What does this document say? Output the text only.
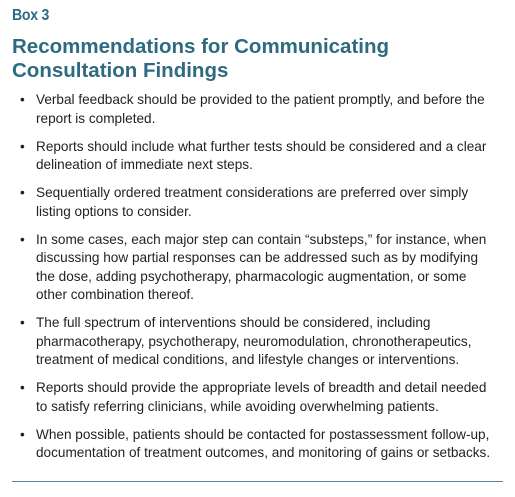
Box 3
Recommendations for Communicating Consultation Findings
• Verbal feedback should be provided to the patient promptly, and before the report is completed.
• Reports should include what further tests should be considered and a clear delineation of immediate next steps.
• Sequentially ordered treatment considerations are preferred over simply listing options to consider.
• In some cases, each major step can contain “substeps,” for instance, when discussing how partial responses can be addressed such as by modifying the dose, adding psychotherapy, pharmacologic augmentation, or some other combination thereof.
• The full spectrum of interventions should be considered, including pharmacotherapy, psychotherapy, neuromodulation, chronotherapeutics, treatment of medical conditions, and lifestyle changes or interventions.
• Reports should provide the appropriate levels of breadth and detail needed to satisfy referring clinicians, while avoiding overwhelming patients.
• When possible, patients should be contacted for postassessment follow-up, documentation of treatment outcomes, and monitoring of gains or setbacks.
